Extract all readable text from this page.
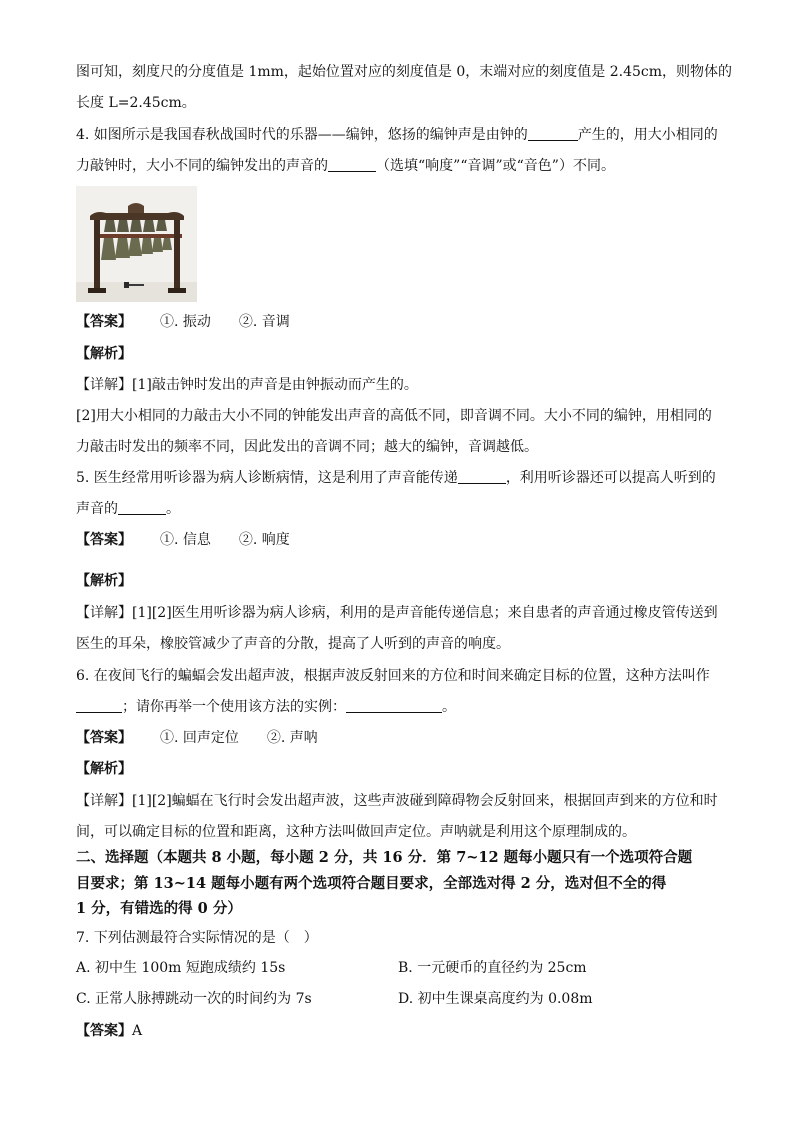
图可知，刻度尺的分度值是 1mm，起始位置对应的刻度值是 0，末端对应的刻度值是 2.45cm，则物体的
长度 L=2.45cm。
4. 如图所示是我国春秋战国时代的乐器——编钟，悠扬的编钟声是由钟的	产生的，用大小相同的
力敲钟时，大小不同的编钟发出的声音的	（选填“响度”“音调”或“音色”）不同。
【答案】 ①. 振动 ②. 音调
【解析】
【详解】[1]敲击钟时发出的声音是由钟振动而产生的。
[2]用大小相同的力敲击大小不同的钟能发出声音的高低不同，即音调不同。大小不同的编钟，用相同的
力敲击时发出的频率不同，因此发出的音调不同；越大的编钟，音调越低。
5. 医生经常用听诊器为病人诊断病情，这是利用了声音能传递	，利用听诊器还可以提高人听到的
声音的	。
【答案】 ①. 信息 ②. 响度
【解析】
【详解】[1][2]医生用听诊器为病人诊病，利用的是声音能传递信息；来自患者的声音通过橡皮管传送到
医生的耳朵，橡胶管减少了声音的分散，提高了人听到的声音的响度。
6. 在夜间飞行的蝙蝠会发出超声波，根据声波反射回来的方位和时间来确定目标的位置，这种方法叫作
；请你再举一个使用该方法的实例：	。
【答案】 ①. 回声定位 ②. 声呐
【解析】
【详解】[1][2]蝙蝠在飞行时会发出超声波，这些声波碰到障碍物会反射回来，根据回声到来的方位和时
间，可以确定目标的位置和距离，这种方法叫做回声定位。声呐就是利用这个原理制成的。
二、选择题（本题共 8 小题，每小题 2 分，共 16 分．第 7~12 题每小题只有一个选项符合题
目要求；第 13~14 题每小题有两个选项符合题目要求，全部选对得 2 分，选对但不全的得
1 分，有错选的得 0 分）
7. 下列估测最符合实际情况的是（　）
A. 初中生 100m 短跑成绩约 15s	B. 一元硬币的直径约为 25cm
C. 正常人脉搏跳动一次的时间约为 7s	D. 初中生课桌高度约为 0.08m
【答案】A
